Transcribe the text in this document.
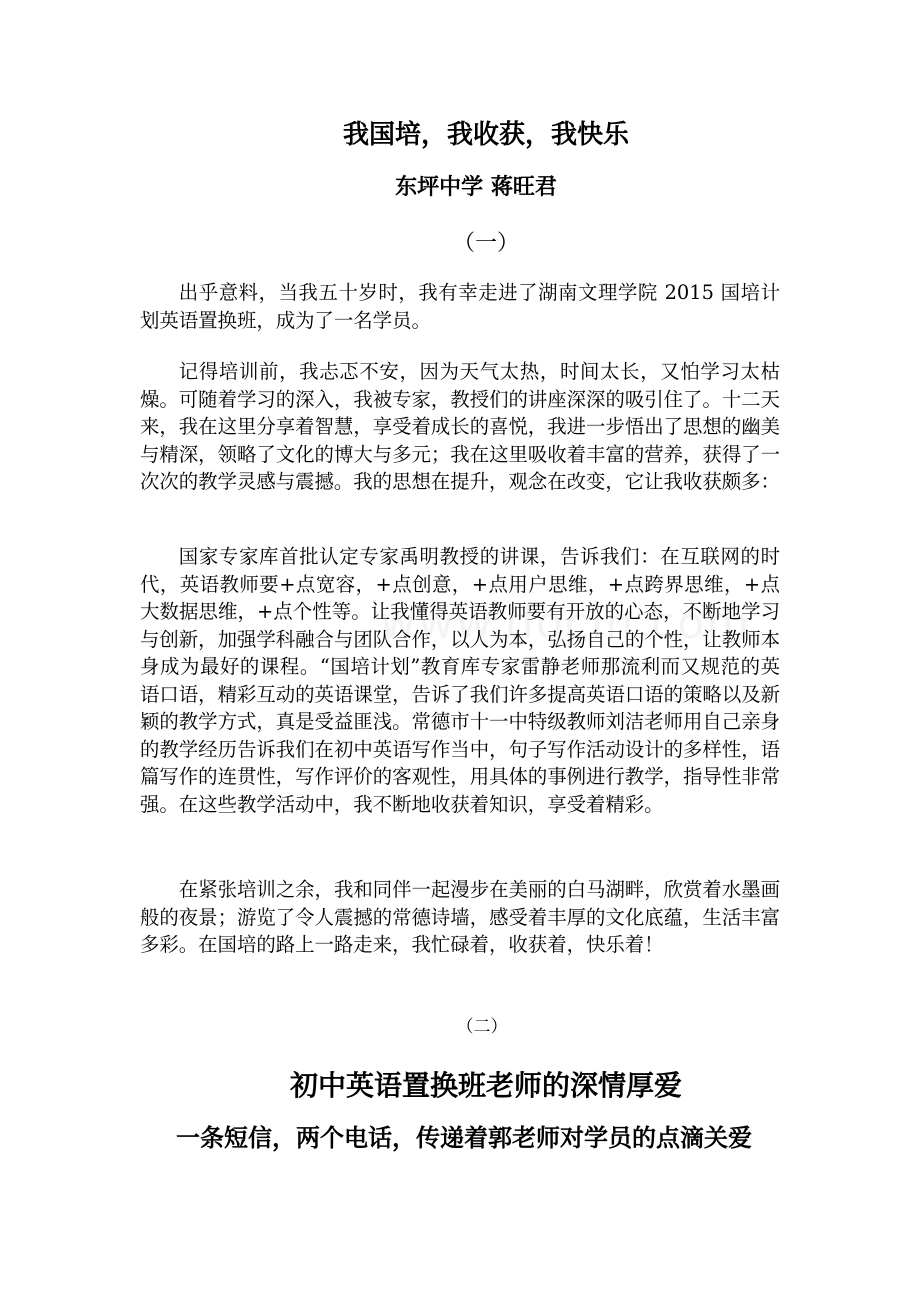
我国培，我收获，我快乐
东坪中学 蒋旺君
（一）

出乎意料，当我五十岁时，我有幸走进了湖南文理学院 2015 国培计划英语置换班，成为了一名学员。

记得培训前，我忐忑不安，因为天气太热，时间太长，又怕学习太枯燥。可随着学习的深入，我被专家，教授们的讲座深深的吸引住了。十二天来，我在这里分享着智慧，享受着成长的喜悦，我进一步悟出了思想的幽美与精深，领略了文化的博大与多元；我在这里吸收着丰富的营养，获得了一次次的教学灵感与震撼。我的思想在提升，观念在改变，它让我收获颇多：

国家专家库首批认定专家禹明教授的讲课，告诉我们：在互联网的时代，英语教师要+点宽容，+点创意，+点用户思维，+点跨界思维，+点大数据思维，+点个性等。让我懂得英语教师要有开放的心态，不断地学习与创新，加强学科融合与团队合作，以人为本，弘扬自己的个性，让教师本身成为最好的课程。“国培计划”教育库专家雷静老师那流利而又规范的英语口语，精彩互动的英语课堂，告诉了我们许多提高英语口语的策略以及新颖的教学方式，真是受益匪浅。常德市十一中特级教师刘洁老师用自己亲身的教学经历告诉我们在初中英语写作当中，句子写作活动设计的多样性，语篇写作的连贯性，写作评价的客观性，用具体的事例进行教学，指导性非常强。在这些教学活动中，我不断地收获着知识，享受着精彩。

在紧张培训之余，我和同伴一起漫步在美丽的白马湖畔，欣赏着水墨画般的夜景；游览了令人震撼的常德诗墙，感受着丰厚的文化底蕴，生活丰富多彩。在国培的路上一路走来，我忙碌着，收获着，快乐着！

（二）
初中英语置换班老师的深情厚爱
一条短信，两个电话，传递着郭老师对学员的点滴关爱
